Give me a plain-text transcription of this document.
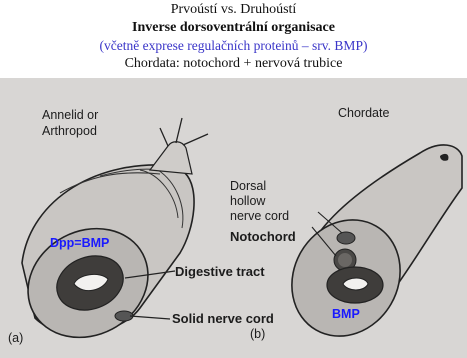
Prvoústí vs. Druhoústí
Inverse dorsoventrální organisace
(včetně exprese regulačních proteinů – srv. BMP)
Chordata: notochord + nervová trubice
Annelid or
Arthropod
Dpp=BMP
Digestive tract
Solid nerve cord
(a)
Chordate
Dorsal
hollow
nerve cord
Notochord
BMP
(b)
